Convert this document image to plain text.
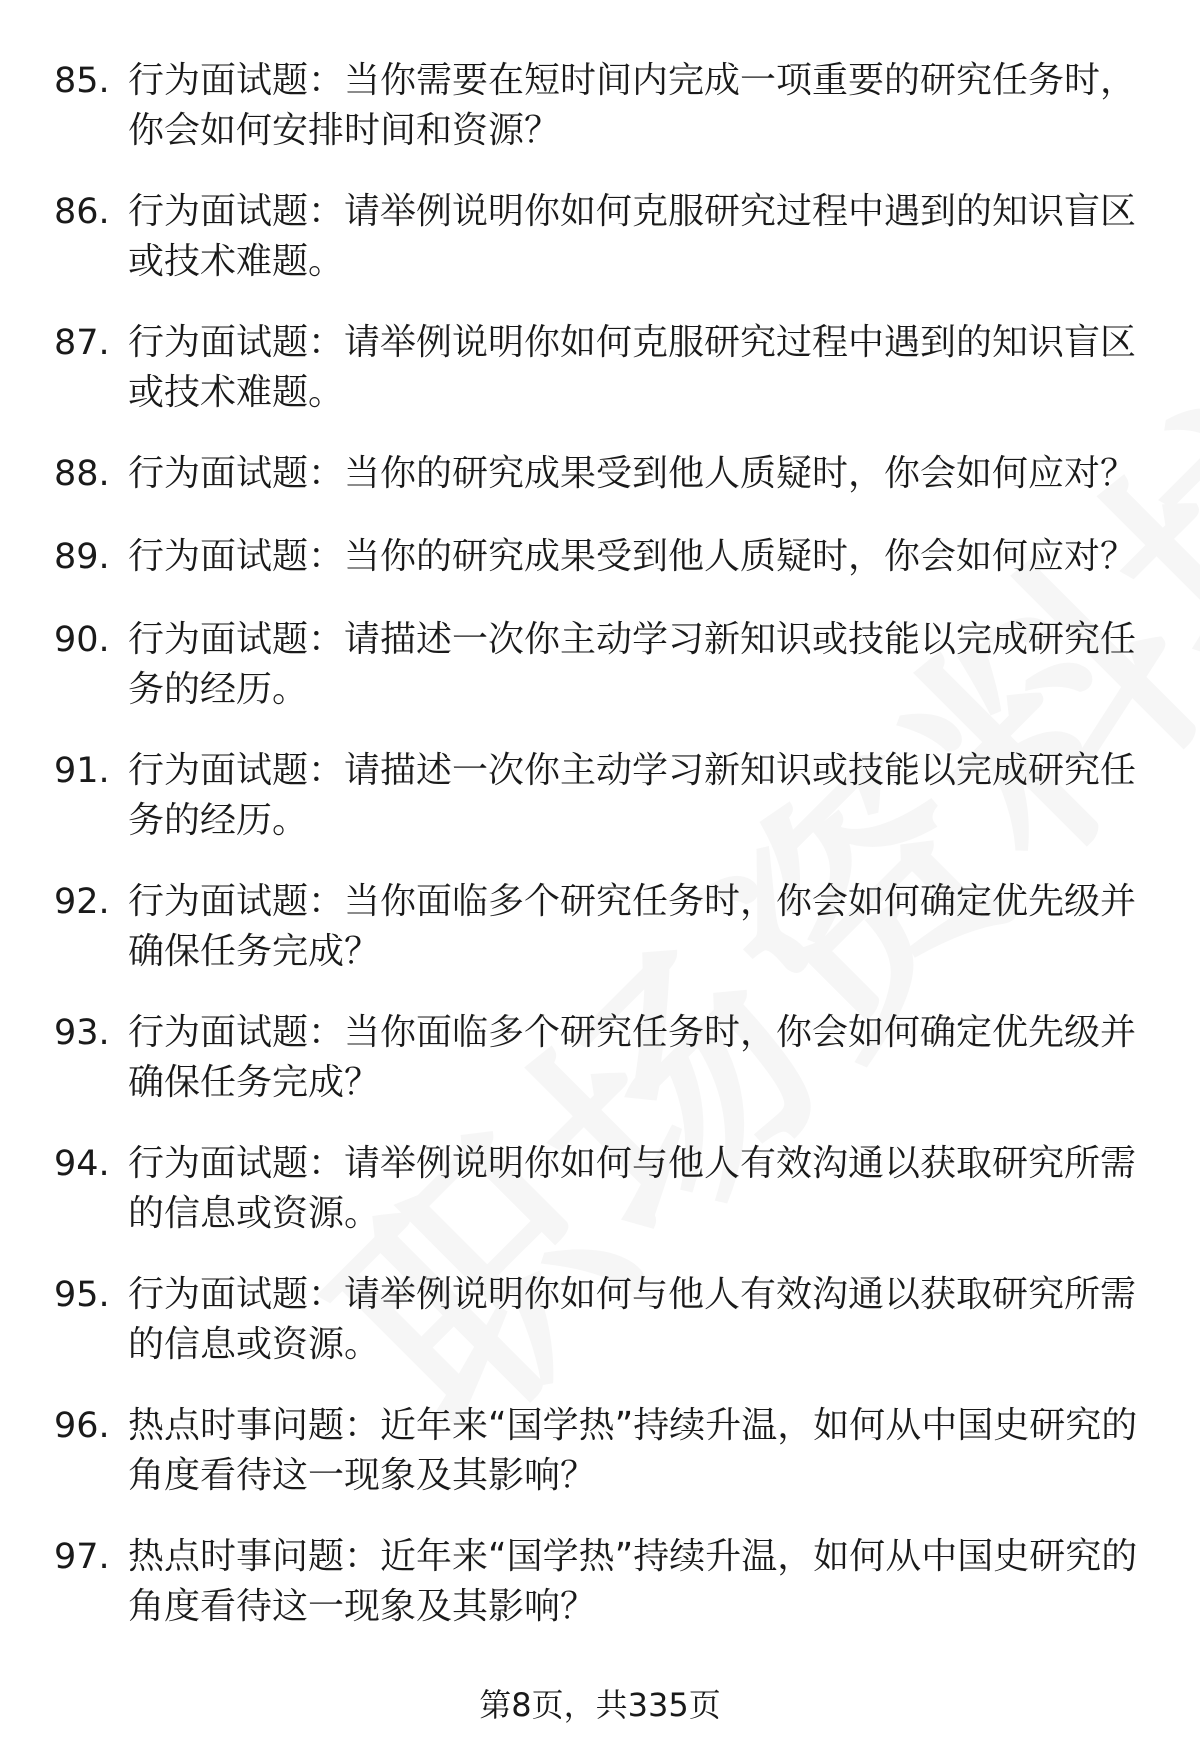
85. 行为面试题：当你需要在短时间内完成一项重要的研究任务时，你会如何安排时间和资源？
86. 行为面试题：请举例说明你如何克服研究过程中遇到的知识盲区或技术难题。
87. 行为面试题：请举例说明你如何克服研究过程中遇到的知识盲区或技术难题。
88. 行为面试题：当你的研究成果受到他人质疑时，你会如何应对？
89. 行为面试题：当你的研究成果受到他人质疑时，你会如何应对？
90. 行为面试题：请描述一次你主动学习新知识或技能以完成研究任务的经历。
91. 行为面试题：请描述一次你主动学习新知识或技能以完成研究任务的经历。
92. 行为面试题：当你面临多个研究任务时，你会如何确定优先级并确保任务完成？
93. 行为面试题：当你面临多个研究任务时，你会如何确定优先级并确保任务完成？
94. 行为面试题：请举例说明你如何与他人有效沟通以获取研究所需的信息或资源。
95. 行为面试题：请举例说明你如何与他人有效沟通以获取研究所需的信息或资源。
96. 热点时事问题：近年来“国学热”持续升温，如何从中国史研究的角度看待这一现象及其影响？
97. 热点时事问题：近年来“国学热”持续升温，如何从中国史研究的角度看待这一现象及其影响？
第8页，共335页
